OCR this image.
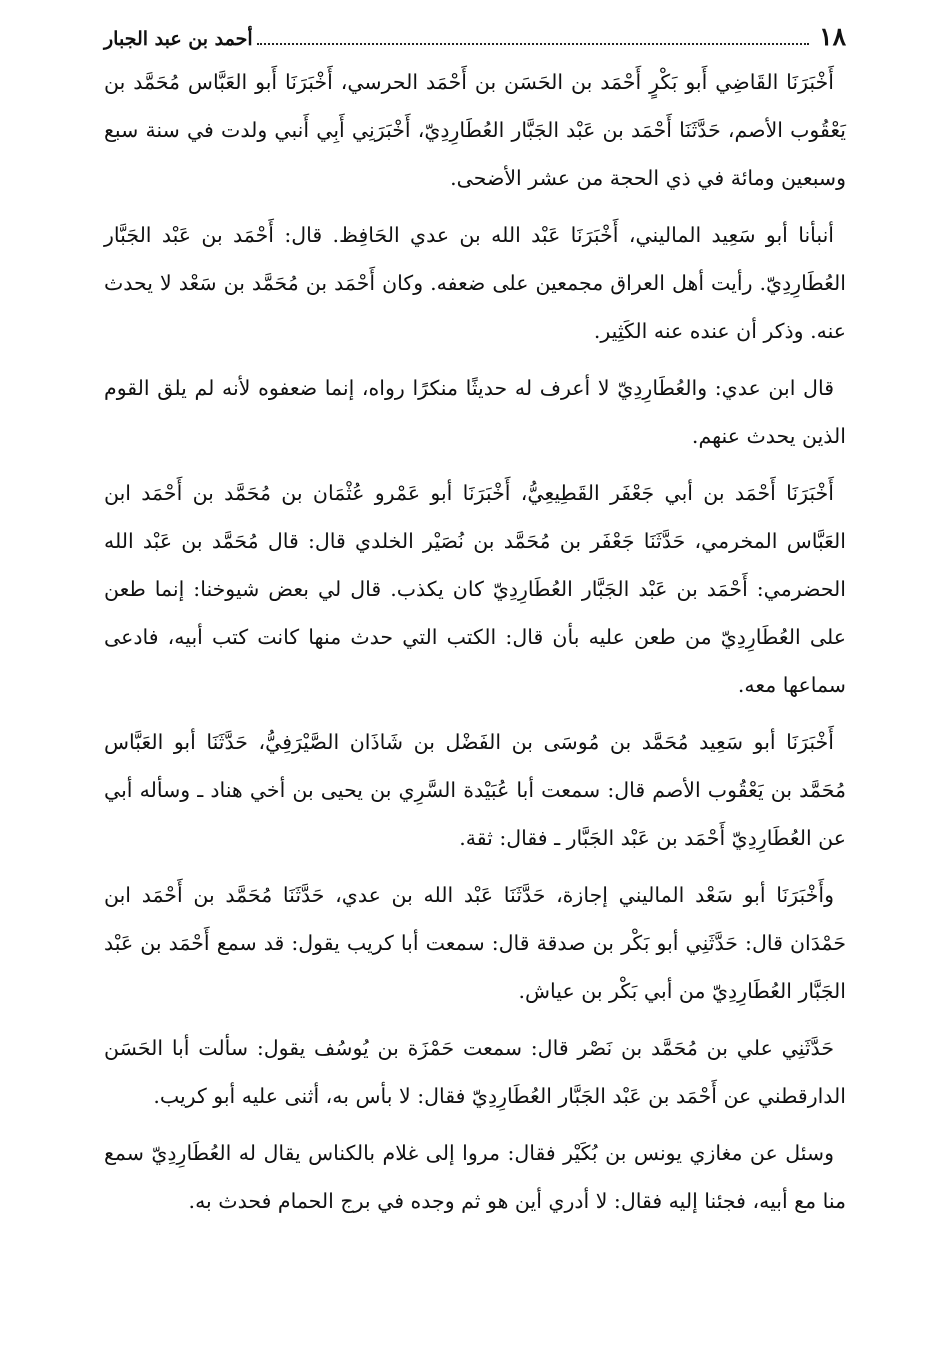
١٨
أحمد بن عبد الجبار

أَخْبَرَنَا القَاضِي أَبو بَكْرٍ أَحْمَد بن الحَسَن بن أَحْمَد الحرسي، أَخْبَرَنَا أَبو العَبَّاس مُحَمَّد بن يَعْقُوب الأصم، حَدَّثَنَا أَحْمَد بن عَبْد الجَبَّار العُطَارِدِيّ، أَخْبَرَنِي أَبِي أَنبي ولدت في سنة سبع وسبعين ومائة في ذي الحجة من عشر الأضحى.

أنبأنا أبو سَعِيد الماليني، أَخْبَرَنَا عَبْد الله بن عدي الحَافِظ. قال: أَحْمَد بن عَبْد الجَبَّار العُطَارِدِيّ. رأيت أهل العراق مجمعين على ضعفه. وكان أَحْمَد بن مُحَمَّد بن سَعْد لا يحدث عنه. وذكر أن عنده عنه الكَثِير.

قال ابن عدي: والعُطَارِدِيّ لا أعرف له حديثًا منكرًا رواه، إنما ضعفوه لأنه لم يلق القوم الذين يحدث عنهم.

أَخْبَرَنَا أَحْمَد بن أبي جَعْفَر القَطِيعِيُّ، أَخْبَرَنَا أبو عَمْرو عُثْمَان بن مُحَمَّد بن أَحْمَد ابن العَبَّاس المخرمي، حَدَّثَنَا جَعْفَر بن مُحَمَّد بن نُصَيْر الخلدي قال: قال مُحَمَّد بن عَبْد الله الحضرمي: أَحْمَد بن عَبْد الجَبَّار العُطَارِدِيّ كان يكذب. قال لي بعض شيوخنا: إنما طعن على العُطَارِدِيّ من طعن عليه بأن قال: الكتب التي حدث منها كانت كتب أبيه، فادعى سماعها معه.

أَخْبَرَنَا أبو سَعِيد مُحَمَّد بن مُوسَى بن الفَضْل بن شَاذَان الصَّيْرَفِيُّ، حَدَّثَنَا أبو العَبَّاس مُحَمَّد بن يَعْقُوب الأصم قال: سمعت أبا عُبَيْدة السَّرِي بن يحيى بن أخي هناد ـ وسأله أبي عن العُطَارِدِيّ أَحْمَد بن عَبْد الجَبَّار ـ فقال: ثقة.

وأَخْبَرَنَا أبو سَعْد الماليني إجازة، حَدَّثَنَا عَبْد الله بن عدي، حَدَّثَنَا مُحَمَّد بن أَحْمَد ابن حَمْدَان قال: حَدَّثَنِي أبو بَكْر بن صدقة قال: سمعت أبا كريب يقول: قد سمع أَحْمَد بن عَبْد الجَبَّار العُطَارِدِيّ من أبي بَكْر بن عياش.

حَدَّثَنِي علي بن مُحَمَّد بن نَصْر قال: سمعت حَمْزَة بن يُوسُف يقول: سألت أبا الحَسَن الدارقطني عن أَحْمَد بن عَبْد الجَبَّار العُطَارِدِيّ فقال: لا بأس به، أثنى عليه أبو كريب.

وسئل عن مغازي يونس بن بُكَيْر فقال: مروا إلى غلام بالكناس يقال له العُطَارِدِيّ سمع منا مع أبيه، فجئنا إليه فقال: لا أدري أين هو ثم وجده في برج الحمام فحدث به.
